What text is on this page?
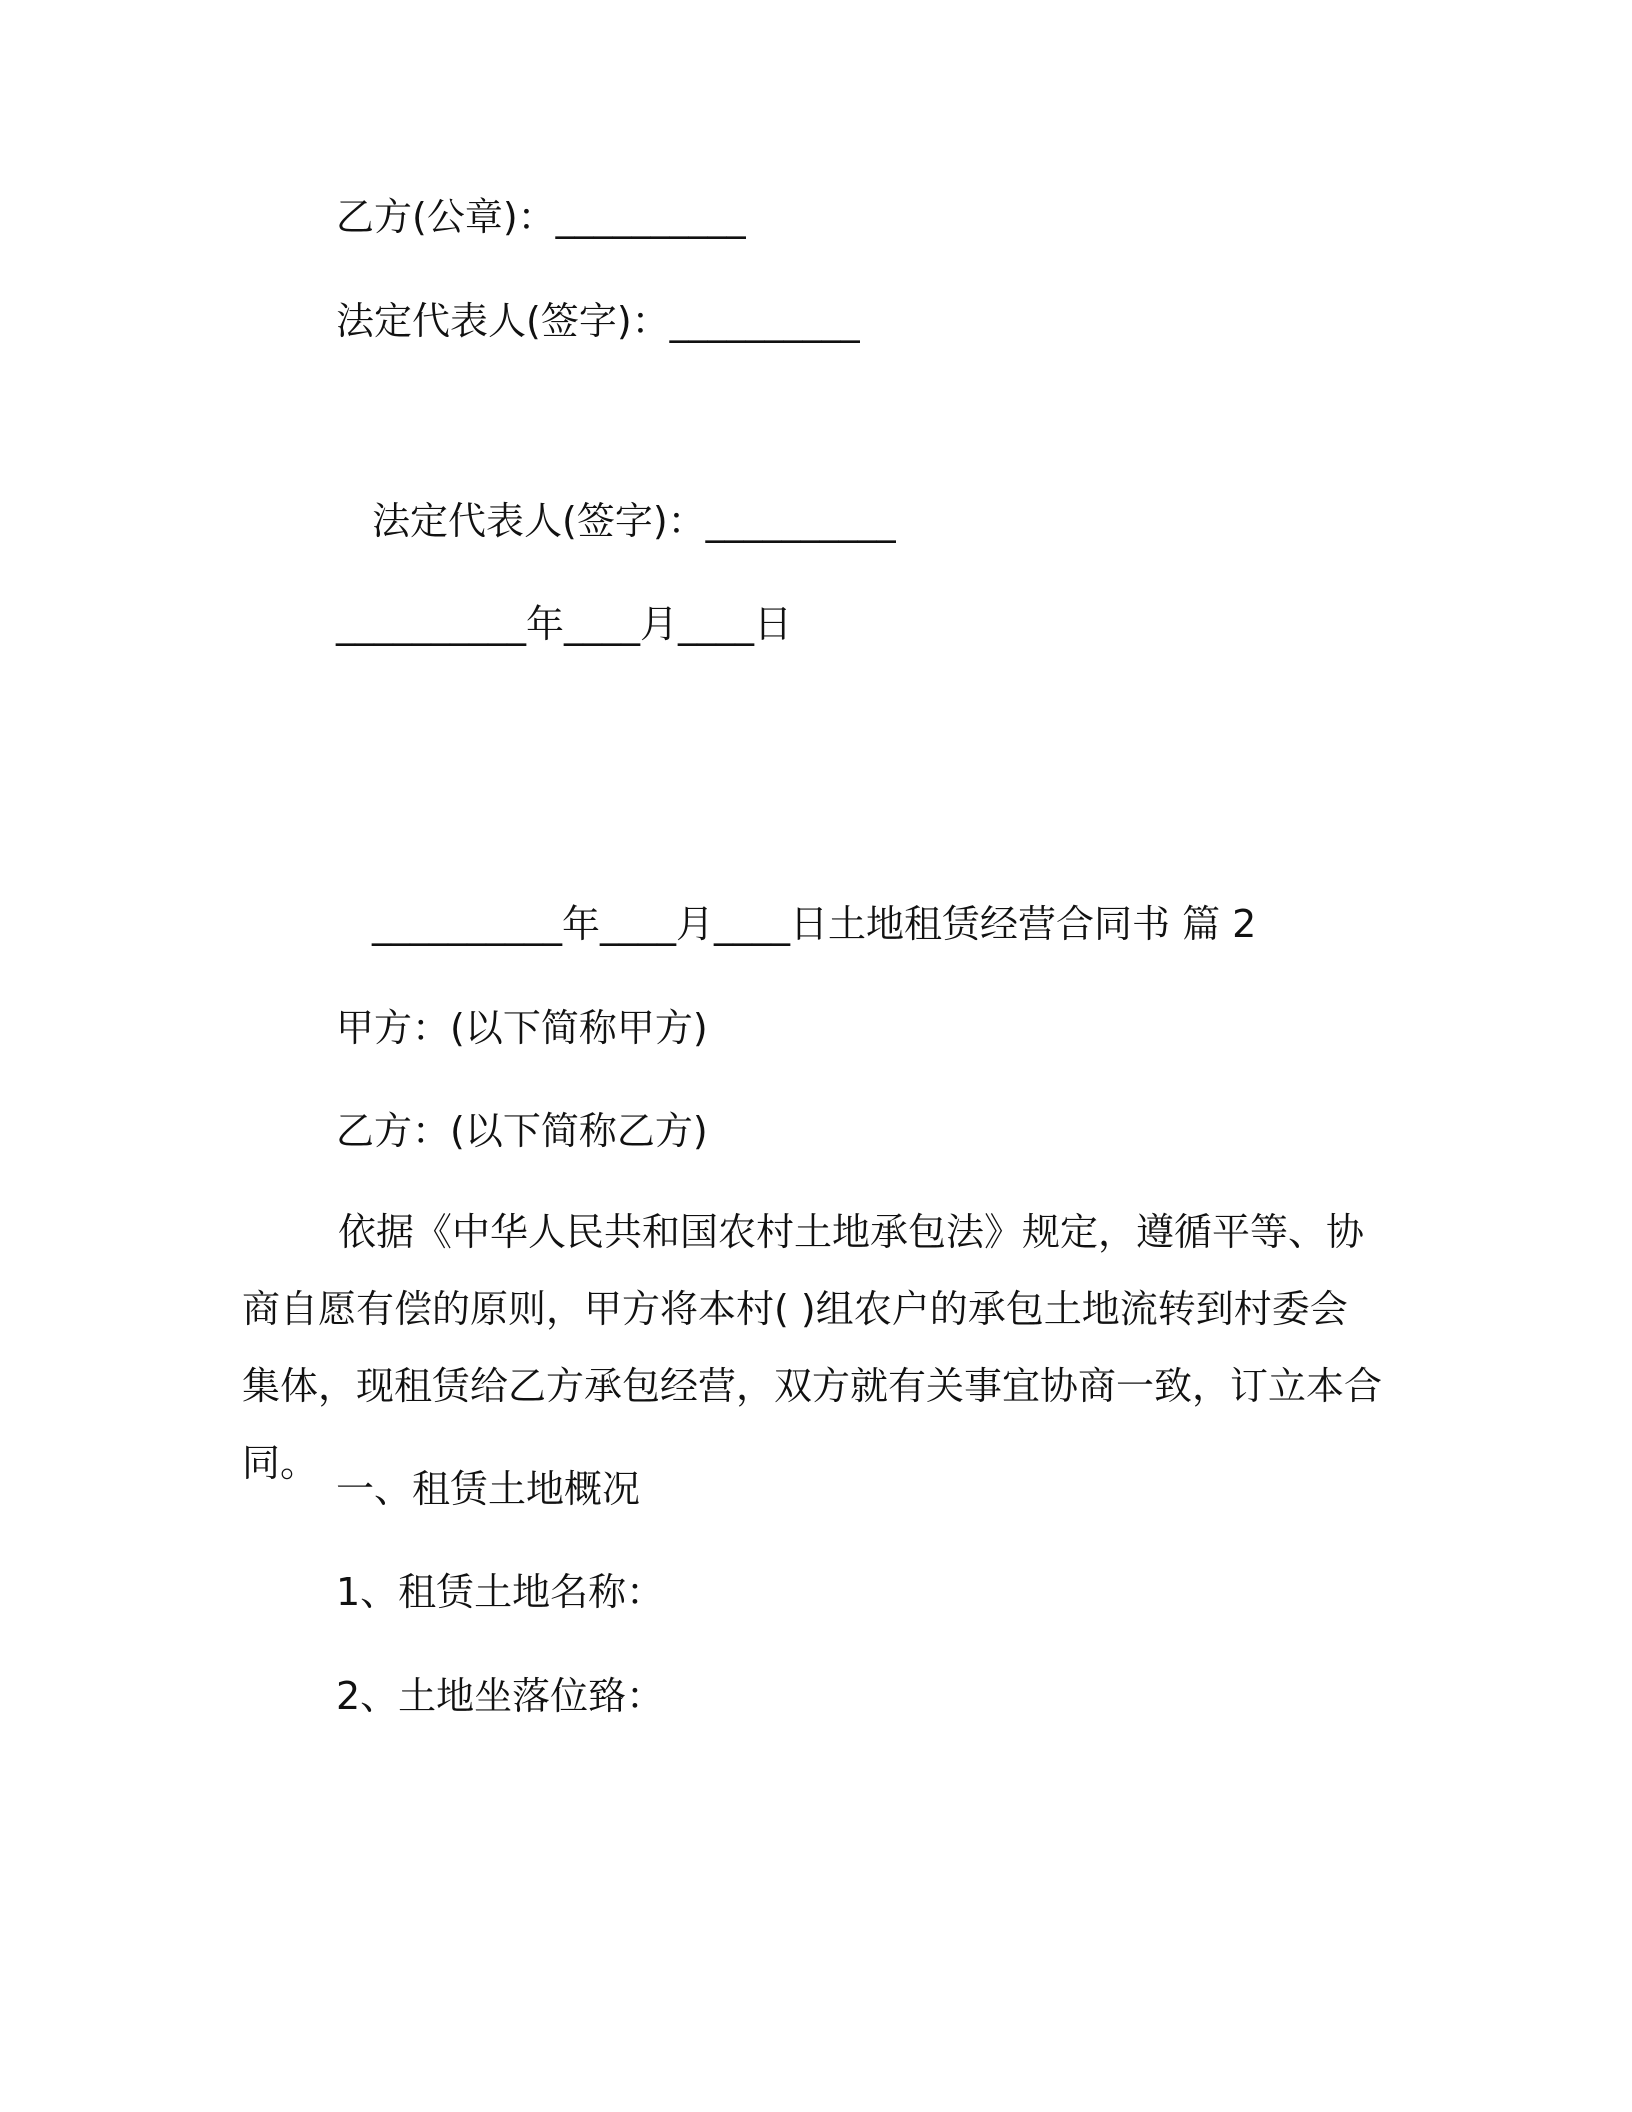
乙方(公章)：__________
法定代表人(签字)：__________
法定代表人(签字)：__________
__________年____月____日
__________年____月____日土地租赁经营合同书 篇 2
甲方：(以下简称甲方)
乙方：(以下简称乙方)
依据《中华人民共和国农村土地承包法》规定，遵循平等、协商自愿有偿的原则，甲方将本村( )组农户的承包土地流转到村委会集体，现租赁给乙方承包经营，双方就有关事宜协商一致，订立本合同。
一、租赁土地概况
1、租赁土地名称：
2、土地坐落位臵：
